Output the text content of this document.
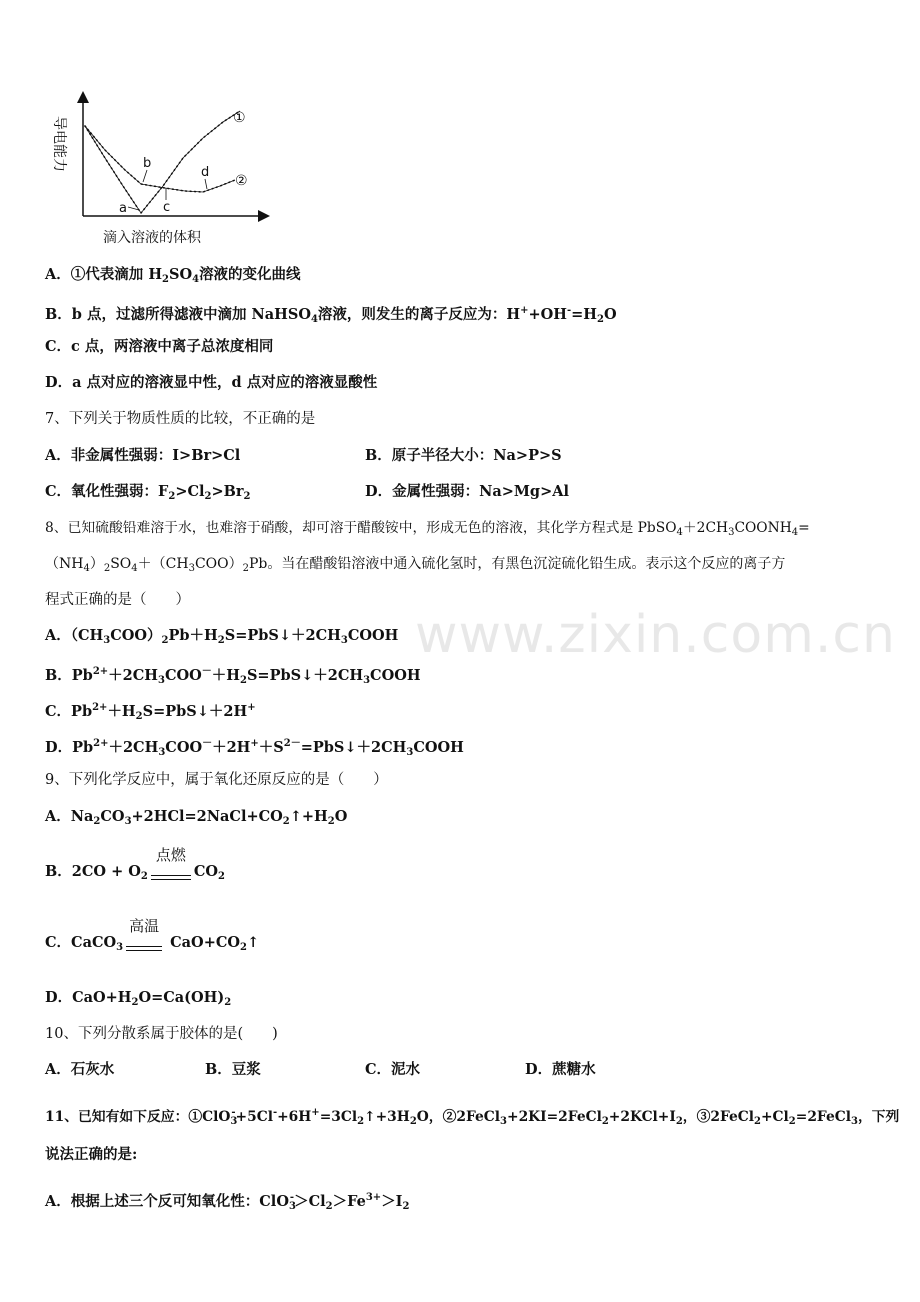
www.zixin.com.cn
导电能力	①
②
a
b
c
d
滴入溶液的体积
A．①代表滴加 $H_2SO_4$溶液的变化曲线
B．b 点，过滤所得滤液中滴加 NaHSO$_4$溶液，则发生的离子反应为：$H^++OH^-=H_2O$
C．c 点，两溶液中离子总浓度相同
D．a 点对应的溶液显中性，d 点对应的溶液显酸性
7、下列关于物质性质的比较，不正确的是
A．非金属性强弱：I>Br>Cl	B．原子半径大小：Na>P>S
C．氧化性强弱：$F_2>Cl_2>Br_2$	D．金属性强弱：Na>Mg>Al
8、已知硫酸铅难溶于水，也难溶于硝酸，却可溶于醋酸铵中，形成无色的溶液，其化学方程式是 $PbSO_4+2CH_3COONH_4=$
$(NH_4)_2SO_4+(CH_3COO)_2Pb$。当在醋酸铅溶液中通入硫化氢时，有黑色沉淀硫化铅生成。表示这个反应的离子方
程式正确的是（　　）
A．$(CH_3COO)_2Pb+H_2S=PbS↓+2CH_3COOH$
B．$Pb^{2+}+2CH_3COO^-+H_2S=PbS↓+2CH_3COOH$
C．$Pb^{2+}+H_2S=PbS↓+2H^+$
D．$Pb^{2+}+2CH_3COO^-+2H^++S^{2-}=PbS↓+2CH_3COOH$
9、下列化学反应中，属于氧化还原反应的是（　　）
A．$Na_2CO_3+2HCl=2NaCl+CO_2↑+H_2O$
B．$2CO + O_2$
点燃
$CO_2$
C．CaCO$_3$
高温
$CaO+CO_2↑$
D．$CaO+H_2O=Ca(OH)_2$
10、下列分散系属于胶体的是(　　)
A．石灰水	B．豆浆	C．泥水	D．蔗糖水
11、已知有如下反应：$①ClO_3^-+5Cl^-+6H^+=3Cl_2↑+3H_2O$，$②2FeCl_3+2KI=2FeCl_2+2KCl+I_2$，$③2FeCl_2+Cl_2=2FeCl_3$，下列
说法正确的是:
A．根据上述三个反可知氧化性：$ClO_3^->Cl_2>Fe^{3+}>I_2$
